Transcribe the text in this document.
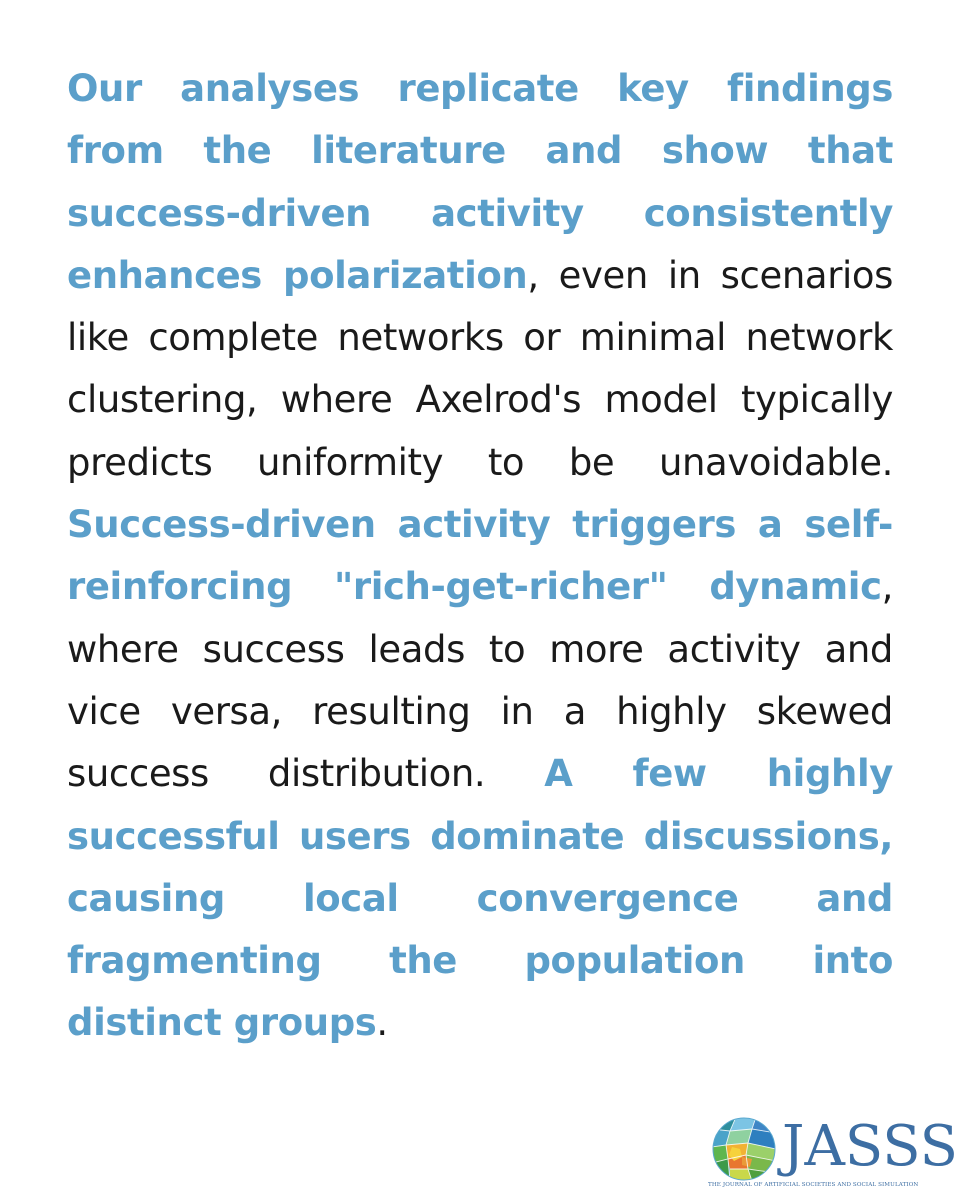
Our analyses replicate key findings from the literature and show that success-driven activity consistently enhances polarization, even in scenarios like complete networks or minimal network clustering, where Axelrod's model typically predicts uniformity to be unavoidable. Success-driven activity triggers a self-reinforcing "rich-get-richer" dynamic, where success leads to more activity and vice versa, resulting in a highly skewed success distribution. A few highly successful users dominate discussions, causing local convergence and fragmenting the population into distinct groups.

JASSS
THE JOURNAL OF ARTIFICIAL SOCIETIES AND SOCIAL SIMULATION
